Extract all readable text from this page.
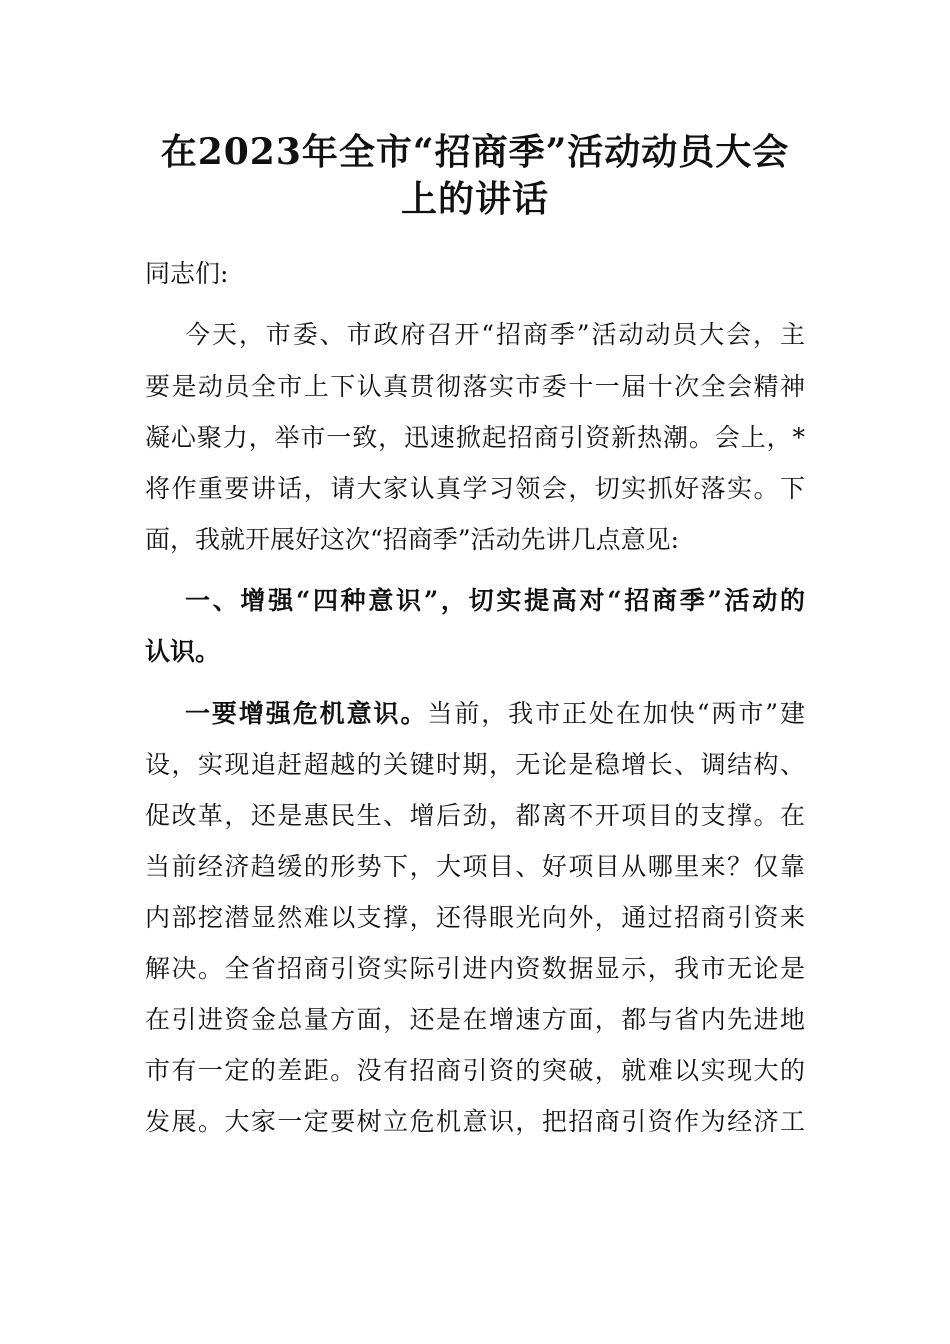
在2023年全市“招商季”活动动员大会
上的讲话
同志们:
今天，市委、市政府召开“招商季”活动动员大会，主
要是动员全市上下认真贯彻落实市委十一届十次全会精神
凝心聚力，举市一致，迅速掀起招商引资新热潮。会上，*
将作重要讲话，请大家认真学习领会，切实抓好落实。下
面，我就开展好这次“招商季”活动先讲几点意见:
一、增强“四种意识”，切实提高对“招商季”活动的
认识。
一要增强危机意识。当前，我市正处在加快“两市”建
设，实现追赶超越的关键时期，无论是稳增长、调结构、
促改革，还是惠民生、增后劲，都离不开项目的支撑。在
当前经济趋缓的形势下，大项目、好项目从哪里来？仅靠
内部挖潜显然难以支撑，还得眼光向外，通过招商引资来
解决。全省招商引资实际引进内资数据显示，我市无论是
在引进资金总量方面，还是在增速方面，都与省内先进地
市有一定的差距。没有招商引资的突破，就难以实现大的
发展。大家一定要树立危机意识，把招商引资作为经济工
